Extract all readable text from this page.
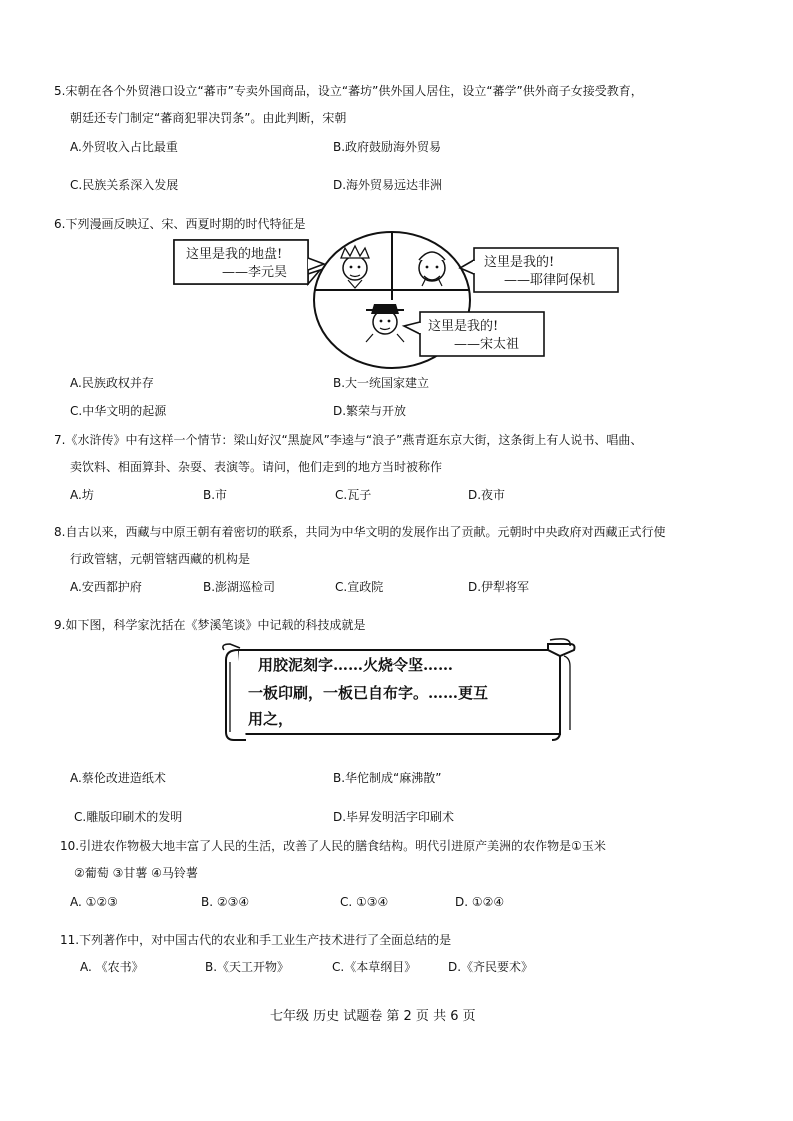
5.宋朝在各个外贸港口设立“蕃市”专卖外国商品，设立“蕃坊”供外国人居住，设立“蕃学”供外商子女接受教育，
朝廷还专门制定“蕃商犯罪决罚条”。由此判断，宋朝
A.外贸收入占比最重	B.政府鼓励海外贸易
C.民族关系深入发展	D.海外贸易远达非洲
6.下列漫画反映辽、宋、西夏时期的时代特征是
这里是我的地盘!
——李元昊
这里是我的!
——耶律阿保机
这里是我的!
——宋太祖
A.民族政权并存	B.大一统国家建立
C.中华文明的起源	D.繁荣与开放
7.《水浒传》中有这样一个情节：梁山好汉“黑旋风”李逵与“浪子”燕青逛东京大街，这条街上有人说书、唱曲、
卖饮料、相面算卦、杂耍、表演等。请问，他们走到的地方当时被称作
A.坊	B.市	C.瓦子	D.夜市
8.自古以来，西藏与中原王朝有着密切的联系，共同为中华文明的发展作出了贡献。元朝时中央政府对西藏正式行使
行政管辖，元朝管辖西藏的机构是
A.安西都护府	B.澎湖巡检司	C.宣政院	D.伊犁将军
9.如下图，科学家沈括在《梦溪笔谈》中记载的科技成就是
用胶泥刻字……火烧令坚……
一板印刷，一板已自布字。……更互
用之，
A.蔡伦改进造纸术	B.华佗制成“麻沸散”
C.雕版印刷术的发明	D.毕昇发明活字印刷术
10.引进农作物极大地丰富了人民的生活，改善了人民的膳食结构。明代引进原产美洲的农作物是①玉米
②葡萄 ③甘薯 ④马铃薯
A. ①②③	B. ②③④	C. ①③④	D. ①②④
11.下列著作中，对中国古代的农业和手工业生产技术进行了全面总结的是
A. 《农书》	B.《天工开物》	C.《本草纲目》	D.《齐民要术》
七年级 历史 试题卷 第 2 页 共 6 页
